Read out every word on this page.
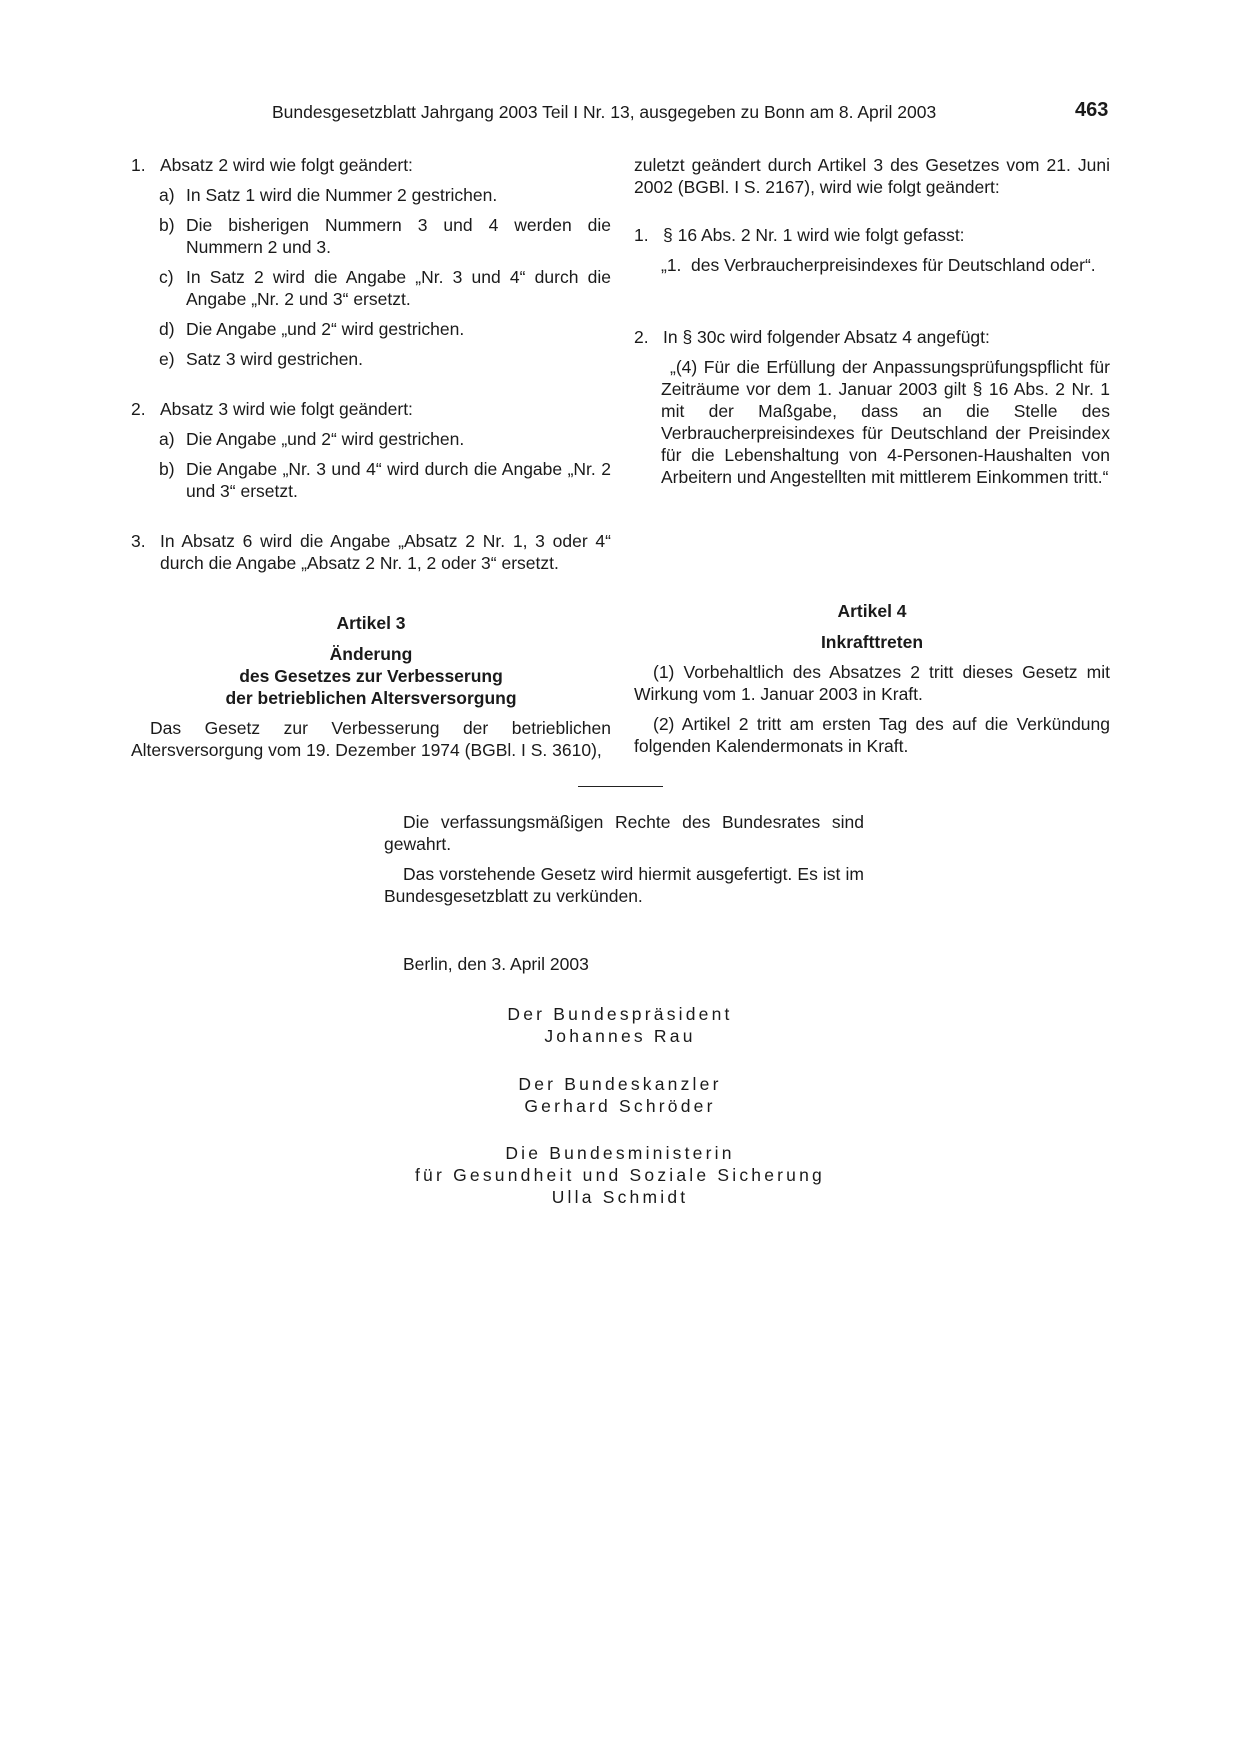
Bundesgesetzblatt Jahrgang 2003 Teil I Nr. 13, ausgegeben zu Bonn am 8. April 2003	463
1. Absatz 2 wird wie folgt geändert:
a) In Satz 1 wird die Nummer 2 gestrichen.
b) Die bisherigen Nummern 3 und 4 werden die Nummern 2 und 3.
c) In Satz 2 wird die Angabe „Nr. 3 und 4“ durch die Angabe „Nr. 2 und 3“ ersetzt.
d) Die Angabe „und 2“ wird gestrichen.
e) Satz 3 wird gestrichen.
2. Absatz 3 wird wie folgt geändert:
a) Die Angabe „und 2“ wird gestrichen.
b) Die Angabe „Nr. 3 und 4“ wird durch die Angabe „Nr. 2 und 3“ ersetzt.
3. In Absatz 6 wird die Angabe „Absatz 2 Nr. 1, 3 oder 4“ durch die Angabe „Absatz 2 Nr. 1, 2 oder 3“ ersetzt.
Artikel 3
Änderung
des Gesetzes zur Verbesserung
der betrieblichen Altersversorgung
Das Gesetz zur Verbesserung der betrieblichen Altersversorgung vom 19. Dezember 1974 (BGBl. I S. 3610),
zuletzt geändert durch Artikel 3 des Gesetzes vom 21. Juni 2002 (BGBl. I S. 2167), wird wie folgt geändert:
1. § 16 Abs. 2 Nr. 1 wird wie folgt gefasst:
„1. des Verbraucherpreisindexes für Deutschland oder“.
2. In § 30c wird folgender Absatz 4 angefügt:
„(4) Für die Erfüllung der Anpassungsprüfungspflicht für Zeiträume vor dem 1. Januar 2003 gilt § 16 Abs. 2 Nr. 1 mit der Maßgabe, dass an die Stelle des Verbraucherpreisindexes für Deutschland der Preisindex für die Lebenshaltung von 4-Personen-Haushalten von Arbeitern und Angestellten mit mittlerem Einkommen tritt.“
Artikel 4
Inkrafttreten
(1) Vorbehaltlich des Absatzes 2 tritt dieses Gesetz mit Wirkung vom 1. Januar 2003 in Kraft.
(2) Artikel 2 tritt am ersten Tag des auf die Verkündung folgenden Kalendermonats in Kraft.
Die verfassungsmäßigen Rechte des Bundesrates sind gewahrt.
Das vorstehende Gesetz wird hiermit ausgefertigt. Es ist im Bundesgesetzblatt zu verkünden.
Berlin, den 3. April 2003
Der Bundespräsident
Johannes Rau
Der Bundeskanzler
Gerhard Schröder
Die Bundesministerin
für Gesundheit und Soziale Sicherung
Ulla Schmidt
